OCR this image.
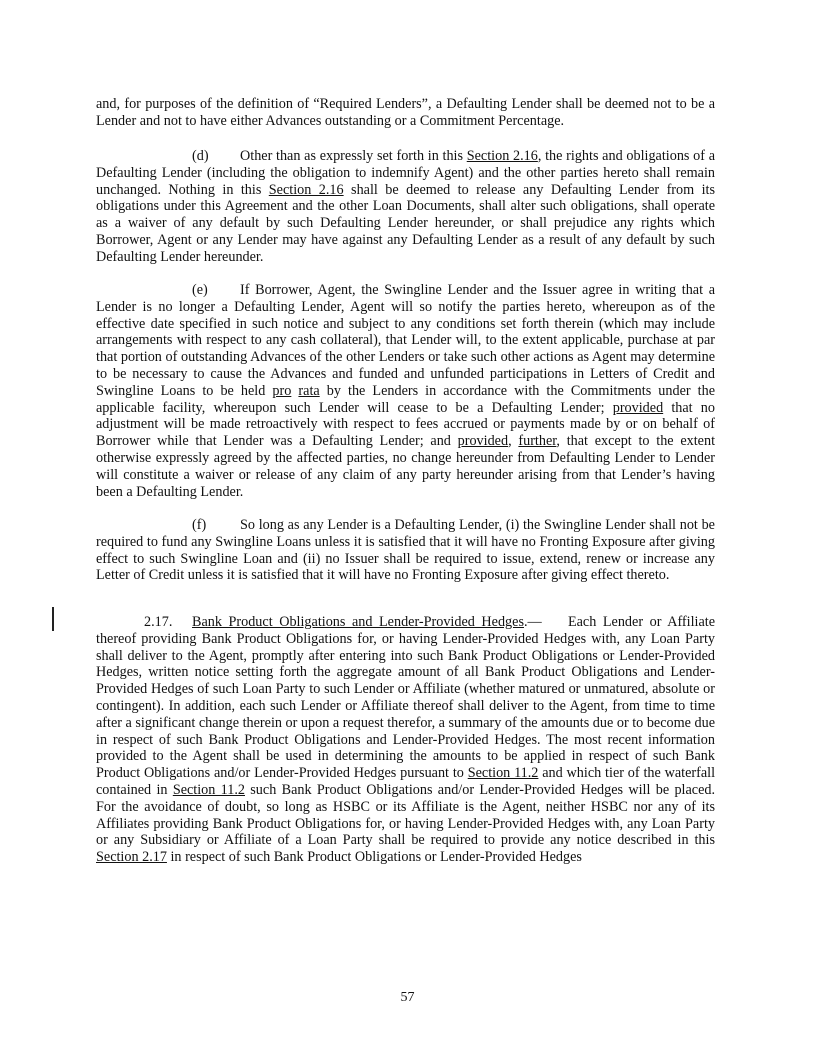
and, for purposes of the definition of “Required Lenders”, a Defaulting Lender shall be deemed not to be a Lender and not to have either Advances outstanding or a Commitment Percentage.

(d) Other than as expressly set forth in this Section 2.16, the rights and obligations of a Defaulting Lender (including the obligation to indemnify Agent) and the other parties hereto shall remain unchanged. Nothing in this Section 2.16 shall be deemed to release any Defaulting Lender from its obligations under this Agreement and the other Loan Documents, shall alter such obligations, shall operate as a waiver of any default by such Defaulting Lender hereunder, or shall prejudice any rights which Borrower, Agent or any Lender may have against any Defaulting Lender as a result of any default by such Defaulting Lender hereunder.

(e) If Borrower, Agent, the Swingline Lender and the Issuer agree in writing that a Lender is no longer a Defaulting Lender, Agent will so notify the parties hereto, whereupon as of the effective date specified in such notice and subject to any conditions set forth therein (which may include arrangements with respect to any cash collateral), that Lender will, to the extent applicable, purchase at par that portion of outstanding Advances of the other Lenders or take such other actions as Agent may determine to be necessary to cause the Advances and funded and unfunded participations in Letters of Credit and Swingline Loans to be held pro rata by the Lenders in accordance with the Commitments under the applicable facility, whereupon such Lender will cease to be a Defaulting Lender; provided that no adjustment will be made retroactively with respect to fees accrued or payments made by or on behalf of Borrower while that Lender was a Defaulting Lender; and provided, further, that except to the extent otherwise expressly agreed by the affected parties, no change hereunder from Defaulting Lender to Lender will constitute a waiver or release of any claim of any party hereunder arising from that Lender’s having been a Defaulting Lender.

(f) So long as any Lender is a Defaulting Lender, (i) the Swingline Lender shall not be required to fund any Swingline Loans unless it is satisfied that it will have no Fronting Exposure after giving effect to such Swingline Loan and (ii) no Issuer shall be required to issue, extend, renew or increase any Letter of Credit unless it is satisfied that it will have no Fronting Exposure after giving effect thereto.

2.17. Bank Product Obligations and Lender-Provided Hedges.— Each Lender or Affiliate thereof providing Bank Product Obligations for, or having Lender-Provided Hedges with, any Loan Party shall deliver to the Agent, promptly after entering into such Bank Product Obligations or Lender-Provided Hedges, written notice setting forth the aggregate amount of all Bank Product Obligations and Lender-Provided Hedges of such Loan Party to such Lender or Affiliate (whether matured or unmatured, absolute or contingent). In addition, each such Lender or Affiliate thereof shall deliver to the Agent, from time to time after a significant change therein or upon a request therefor, a summary of the amounts due or to become due in respect of such Bank Product Obligations and Lender-Provided Hedges. The most recent information provided to the Agent shall be used in determining the amounts to be applied in respect of such Bank Product Obligations and/or Lender-Provided Hedges pursuant to Section 11.2 and which tier of the waterfall contained in Section 11.2 such Bank Product Obligations and/or Lender-Provided Hedges will be placed. For the avoidance of doubt, so long as HSBC or its Affiliate is the Agent, neither HSBC nor any of its Affiliates providing Bank Product Obligations for, or having Lender-Provided Hedges with, any Loan Party or any Subsidiary or Affiliate of a Loan Party shall be required to provide any notice described in this Section 2.17 in respect of such Bank Product Obligations or Lender-Provided Hedges

57
